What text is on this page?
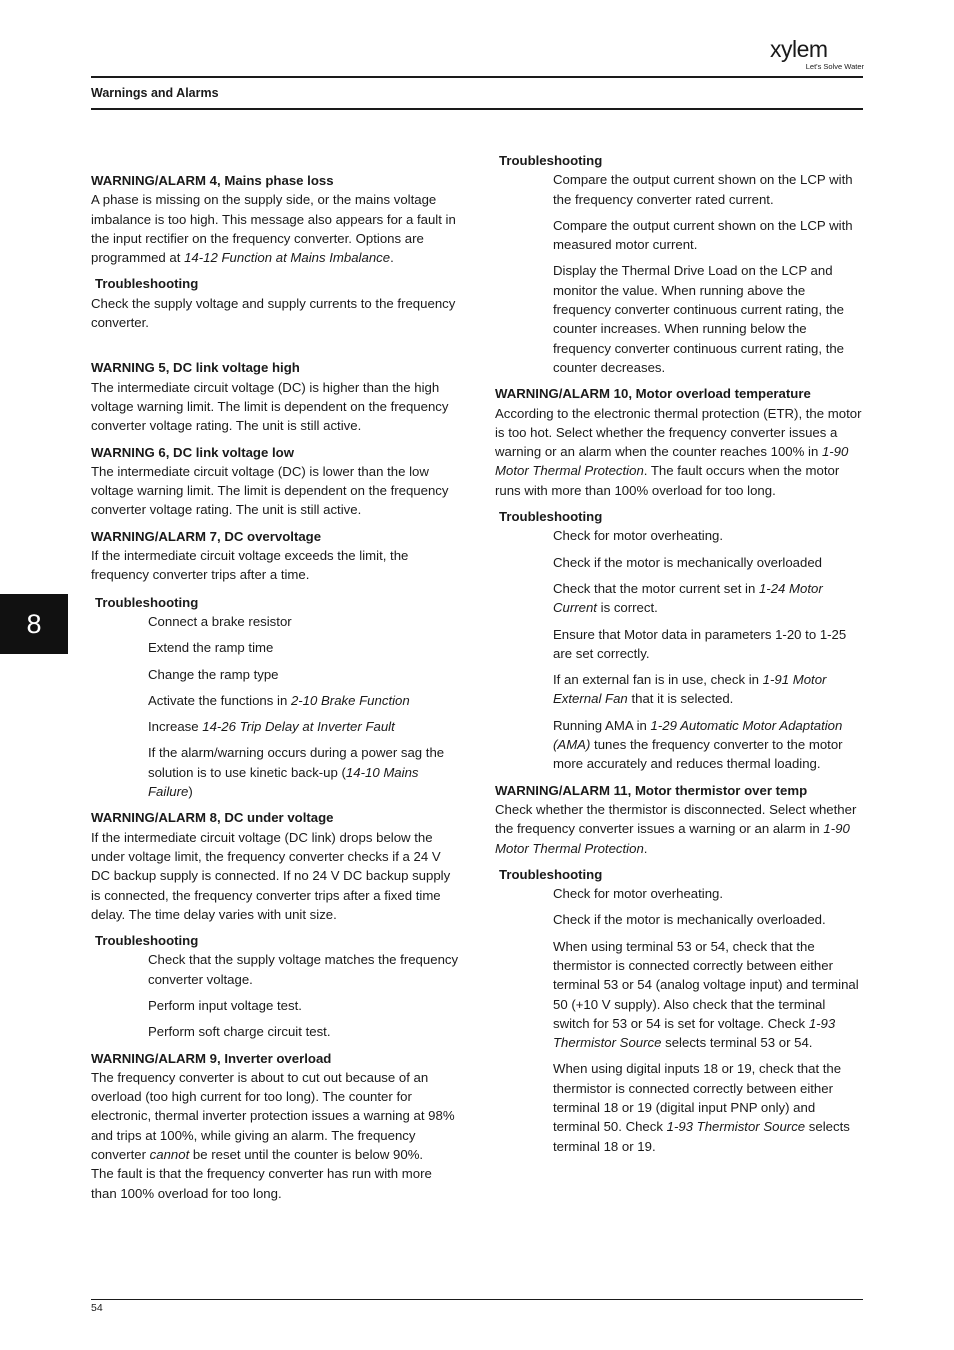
xylem
Let's Solve Water
Warnings and Alarms
8
WARNING/ALARM 4, Mains phase loss
A phase is missing on the supply side, or the mains voltage imbalance is too high. This message also appears for a fault in the input rectifier on the frequency converter. Options are programmed at 14-12 Function at Mains Imbalance.
Troubleshooting
Check the supply voltage and supply currents to the frequency converter.
WARNING 5, DC link voltage high
The intermediate circuit voltage (DC) is higher than the high voltage warning limit. The limit is dependent on the frequency converter voltage rating. The unit is still active.
WARNING 6, DC link voltage low
The intermediate circuit voltage (DC) is lower than the low voltage warning limit. The limit is dependent on the frequency converter voltage rating. The unit is still active.
WARNING/ALARM 7, DC overvoltage
If the intermediate circuit voltage exceeds the limit, the frequency converter trips after a time.
Troubleshooting
Connect a brake resistor
Extend the ramp time
Change the ramp type
Activate the functions in 2-10 Brake Function
Increase 14-26 Trip Delay at Inverter Fault
If the alarm/warning occurs during a power sag the solution is to use kinetic back-up (14-10 Mains Failure)
WARNING/ALARM 8, DC under voltage
If the intermediate circuit voltage (DC link) drops below the under voltage limit, the frequency converter checks if a 24 V DC backup supply is connected. If no 24 V DC backup supply is connected, the frequency converter trips after a fixed time delay. The time delay varies with unit size.
Troubleshooting
Check that the supply voltage matches the frequency converter voltage.
Perform input voltage test.
Perform soft charge circuit test.
WARNING/ALARM 9, Inverter overload
The frequency converter is about to cut out because of an overload (too high current for too long). The counter for electronic, thermal inverter protection issues a warning at 98% and trips at 100%, while giving an alarm. The frequency converter cannot be reset until the counter is below 90%.
The fault is that the frequency converter has run with more than 100% overload for too long.
Troubleshooting
Compare the output current shown on the LCP with the frequency converter rated current.
Compare the output current shown on the LCP with measured motor current.
Display the Thermal Drive Load on the LCP and monitor the value. When running above the frequency converter continuous current rating, the counter increases. When running below the frequency converter continuous current rating, the counter decreases.
WARNING/ALARM 10, Motor overload temperature
According to the electronic thermal protection (ETR), the motor is too hot. Select whether the frequency converter issues a warning or an alarm when the counter reaches 100% in 1-90 Motor Thermal Protection. The fault occurs when the motor runs with more than 100% overload for too long.
Troubleshooting
Check for motor overheating.
Check if the motor is mechanically overloaded
Check that the motor current set in 1-24 Motor Current is correct.
Ensure that Motor data in parameters 1-20 to 1-25 are set correctly.
If an external fan is in use, check in 1-91 Motor External Fan that it is selected.
Running AMA in 1-29 Automatic Motor Adaptation (AMA) tunes the frequency converter to the motor more accurately and reduces thermal loading.
WARNING/ALARM 11, Motor thermistor over temp
Check whether the thermistor is disconnected. Select whether the frequency converter issues a warning or an alarm in 1-90 Motor Thermal Protection.
Troubleshooting
Check for motor overheating.
Check if the motor is mechanically overloaded.
When using terminal 53 or 54, check that the thermistor is connected correctly between either terminal 53 or 54 (analog voltage input) and terminal 50 (+10 V supply). Also check that the terminal switch for 53 or 54 is set for voltage. Check 1-93 Thermistor Source selects terminal 53 or 54.
When using digital inputs 18 or 19, check that the thermistor is connected correctly between either terminal 18 or 19 (digital input PNP only) and terminal 50. Check 1-93 Thermistor Source selects terminal 18 or 19.
54
